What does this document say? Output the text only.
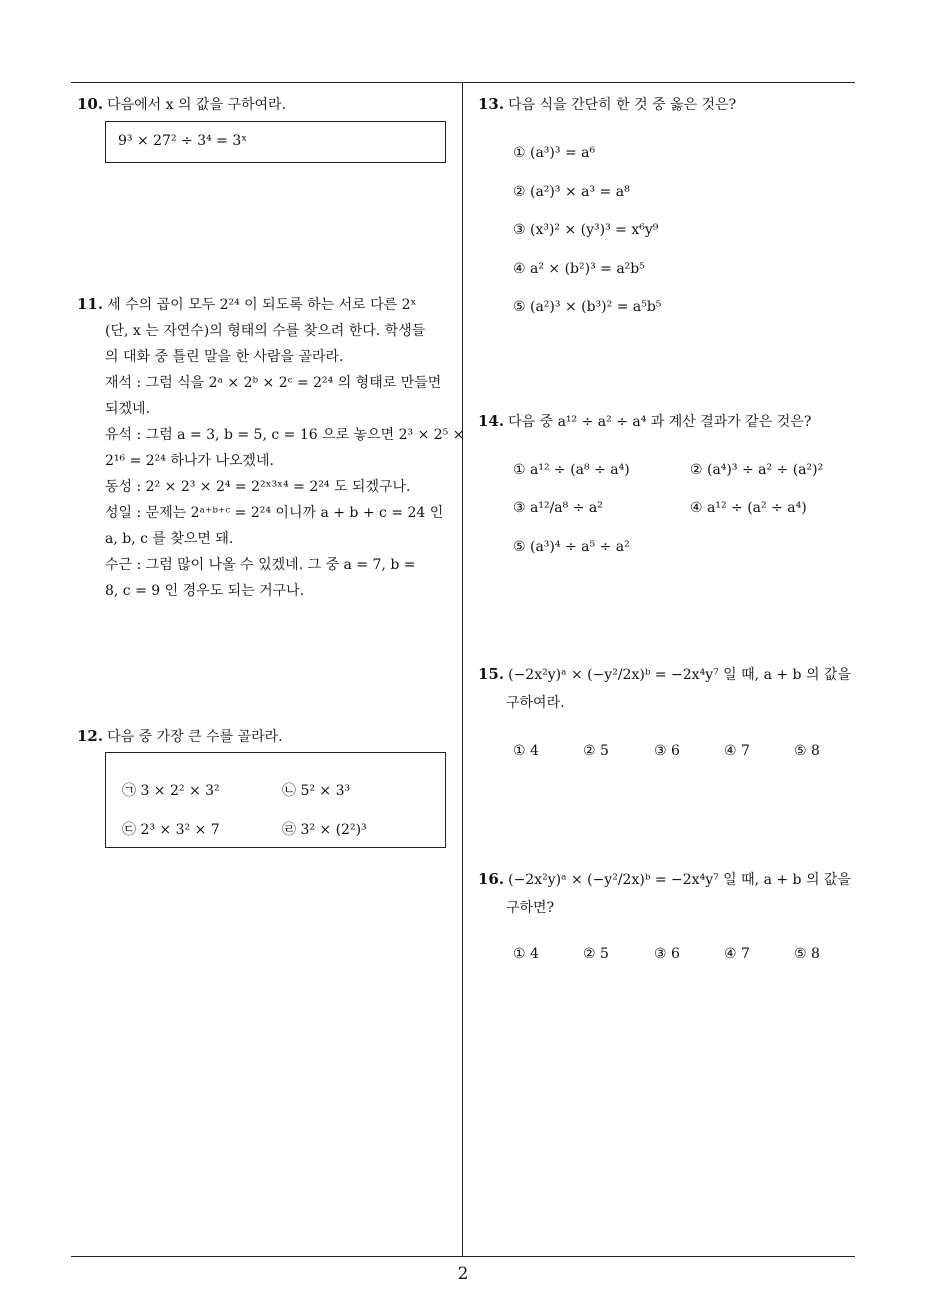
10. 다음에서 x 의 값을 구하여라.
9³ × 27² ÷ 3⁴ = 3ˣ
11. 세 수의 곱이 모두 2²⁴ 이 되도록 하는 서로 다른 2ˣ
(단, x 는 자연수)의 형태의 수를 찾으려 한다. 학생들
의 대화 중 틀린 말을 한 사람을 골라라.
재석 : 그럼 식을 2ᵃ × 2ᵇ × 2ᶜ = 2²⁴ 의 형태로 만들면
되겠네.
유석 : 그럼 a = 3, b = 5, c = 16 으로 놓으면 2³ × 2⁵ ×
2¹⁶ = 2²⁴ 하나가 나오겠네.
동성 : 2² × 2³ × 2⁴ = 2²ˣ³ˣ⁴ = 2²⁴ 도 되겠구나.
성일 : 문제는 2ᵃ⁺ᵇ⁺ᶜ = 2²⁴ 이니까 a + b + c = 24 인
a, b, c 를 찾으면 돼.
수근 : 그럼 많이 나올 수 있겠네. 그 중 a = 7, b =
8, c = 9 인 경우도 되는 거구나.
12. 다음 중 가장 큰 수를 골라라.
㉠ 3 × 2² × 3²	㉡ 5² × 3³
㉢ 2³ × 3² × 7	㉣ 3² × (2²)³
13. 다음 식을 간단히 한 것 중 옳은 것은?
① (a³)³ = a⁶
② (a²)³ × a³ = a⁸
③ (x³)² × (y³)³ = x⁶y⁹
④ a² × (b²)³ = a²b⁵
⑤ (a²)³ × (b³)² = a⁵b⁵
14. 다음 중 a¹² ÷ a² ÷ a⁴ 과 계산 결과가 같은 것은?
① a¹² ÷ (a⁸ ÷ a⁴)	② (a⁴)³ ÷ a² ÷ (a²)²
③ a¹²/a⁸ ÷ a²	④ a¹² ÷ (a² ÷ a⁴)
⑤ (a³)⁴ ÷ a⁵ ÷ a²
15. (−2x²y)ᵃ × (−y²/2x)ᵇ = −2x⁴y⁷ 일 때, a + b 의 값을
구하여라.
① 4	② 5	③ 6	④ 7	⑤ 8
16. (−2x²y)ᵃ × (−y²/2x)ᵇ = −2x⁴y⁷ 일 때, a + b 의 값을
구하면?
① 4	② 5	③ 6	④ 7	⑤ 8
2
